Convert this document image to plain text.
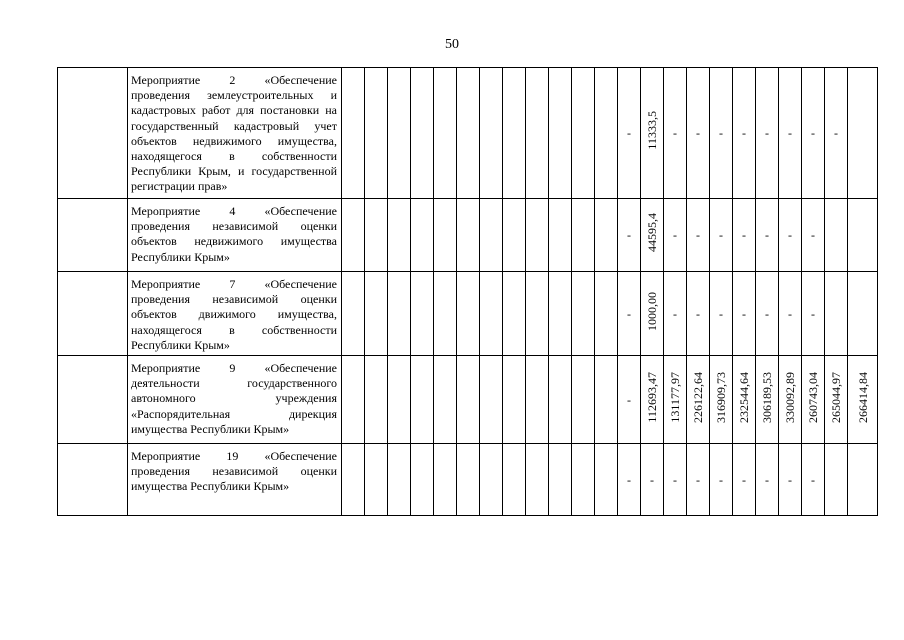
50
	Мероприятие 2 «Обеспечение проведения землеустроительных и кадастровых работ для постановки на государственный кадастровый учет объектов недвижимого имущества, находящегося в собственности Республики Крым, и государственной регистрации прав»													-	11333,5	-	-	-	-	-	-	-	-	
	Мероприятие 4 «Обеспечение проведения независимой оценки объектов недвижимого имущества Республики Крым»													-	44595,4	-	-	-	-	-	-	-		
	Мероприятие 7 «Обеспечение проведения независимой оценки объектов движимого имущества, находящегося в собственности Республики Крым»													-	1000,00	-	-	-	-	-	-	-		
	Мероприятие 9 «Обеспечение деятельности государственного автономного учреждения «Распорядительная дирекция имущества Республики Крым»													-	112693,47	131177,97	226122,64	316909,73	232544,64	306189,53	330092,89	260743,04	265044,97	266414,84
	Мероприятие 19 «Обеспечение проведения независимой оценки имущества Республики Крым»													-	-	-	-	-	-	-	-	-		
